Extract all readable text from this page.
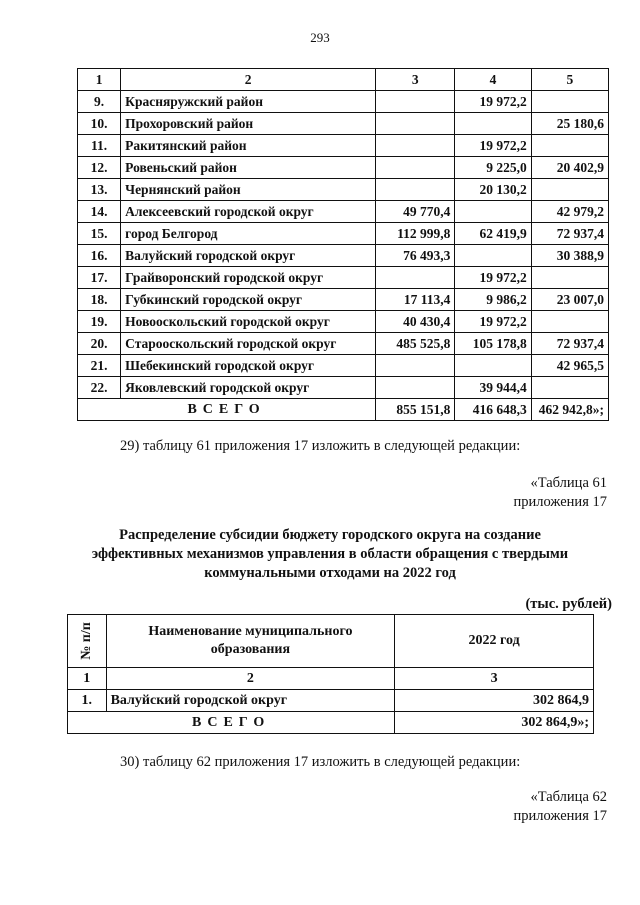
293
1	2	3	4	5
9.	Красняружский район		19 972,2	
10.	Прохоровский район			25 180,6
11.	Ракитянский район		19 972,2	
12.	Ровеньский район		9 225,0	20 402,9
13.	Чернянский район		20 130,2	
14.	Алексеевский городской округ	49 770,4		42 979,2
15.	город Белгород	112 999,8	62 419,9	72 937,4
16.	Валуйский городской округ	76 493,3		30 388,9
17.	Грайворонский городской округ		19 972,2	
18.	Губкинский городской округ	17 113,4	9 986,2	23 007,0
19.	Новооскольский городской округ	40 430,4	19 972,2	
20.	Старооскольский городской округ	485 525,8	105 178,8	72 937,4
21.	Шебекинский городской округ			42 965,5
22.	Яковлевский городской округ		39 944,4	
ВСЕГО		855 151,8	416 648,3	462 942,8»;
29) таблицу 61 приложения 17 изложить в следующей редакции:
«Таблица 61
приложения 17
Распределение субсидии бюджету городского округа на создание
эффективных механизмов управления в области обращения с твердыми
коммунальными отходами на 2022 год
(тыс. рублей)
№ п/п	Наименование муниципального образования	2022 год
1	2	3
1.	Валуйский городской округ	302 864,9
ВСЕГО		302 864,9»;
30) таблицу 62 приложения 17 изложить в следующей редакции:
«Таблица 62
приложения 17
